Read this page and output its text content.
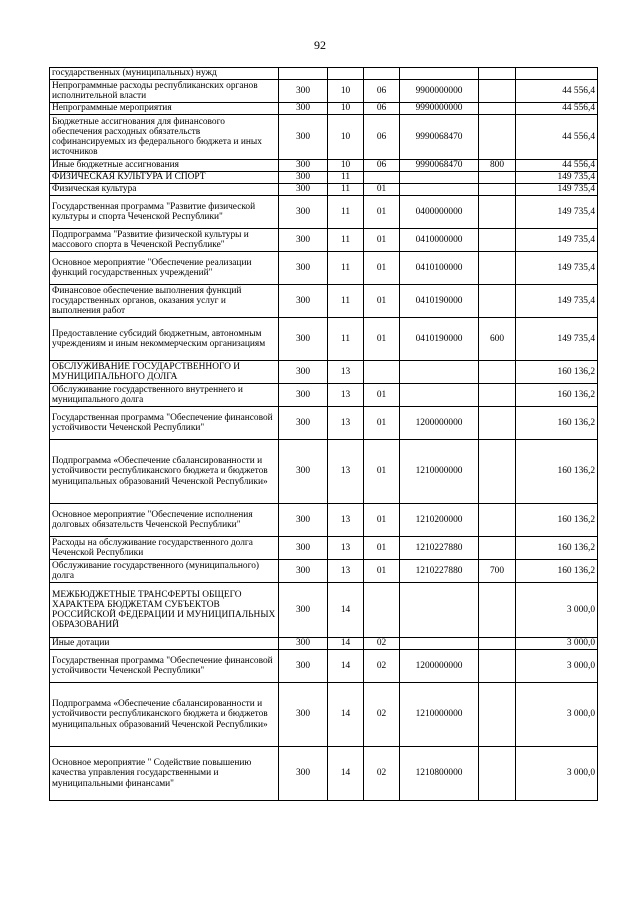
92
государственных (муниципальных) нужд						
Непрограммные расходы республиканских органов исполнительной власти	300	10	06	9900000000		44 556,4
Непрограммные мероприятия	300	10	06	9990000000		44 556,4
Бюджетные ассигнования для финансового обеспечения расходных обязательств софинансируемых из федерального бюджета и иных источников	300	10	06	9990068470		44 556,4
Иные бюджетные ассигнования	300	10	06	9990068470	800	44 556,4
ФИЗИЧЕСКАЯ КУЛЬТУРА И СПОРТ	300	11				149 735,4
Физическая культура	300	11	01			149 735,4
Государственная программа "Развитие физической культуры и спорта Чеченской Республики"	300	11	01	0400000000		149 735,4
Подпрограмма "Развитие физической культуры и массового спорта в Чеченской Республике"	300	11	01	0410000000		149 735,4
Основное мероприятие "Обеспечение реализации функций государственных учреждений"	300	11	01	0410100000		149 735,4
Финансовое обеспечение выполнения функций государственных органов, оказания услуг и выполнения работ	300	11	01	0410190000		149 735,4
Предоставление субсидий бюджетным, автономным учреждениям и иным некоммерческим организациям	300	11	01	0410190000	600	149 735,4
ОБСЛУЖИВАНИЕ ГОСУДАРСТВЕННОГО И МУНИЦИПАЛЬНОГО ДОЛГА	300	13				160 136,2
Обслуживание государственного внутреннего и муниципального долга	300	13	01			160 136,2
Государственная программа "Обеспечение финансовой устойчивости Чеченской Республики"	300	13	01	1200000000		160 136,2
Подпрограмма «Обеспечение сбалансированности и устойчивости республиканского бюджета и бюджетов муниципальных образований Чеченской Республики»	300	13	01	1210000000		160 136,2
Основное мероприятие "Обеспечение исполнения долговых обязательств Чеченской Республики"	300	13	01	1210200000		160 136,2
Расходы на обслуживание государственного долга Чеченской Республики	300	13	01	1210227880		160 136,2
Обслуживание государственного (муниципального) долга	300	13	01	1210227880	700	160 136,2
МЕЖБЮДЖЕТНЫЕ ТРАНСФЕРТЫ ОБЩЕГО ХАРАКТЕРА БЮДЖЕТАМ СУБЪЕКТОВ РОССИЙСКОЙ ФЕДЕРАЦИИ И МУНИЦИПАЛЬНЫХ ОБРАЗОВАНИЙ	300	14				3 000,0
Иные дотации	300	14	02			3 000,0
Государственная программа "Обеспечение финансовой устойчивости Чеченской Республики"	300	14	02	1200000000		3 000,0
Подпрограмма «Обеспечение сбалансированности и устойчивости республиканского бюджета и бюджетов муниципальных образований Чеченской Республики»	300	14	02	1210000000		3 000,0
Основное мероприятие " Содействие повышению качества управления государственными и муниципальными финансами"	300	14	02	1210800000		3 000,0
